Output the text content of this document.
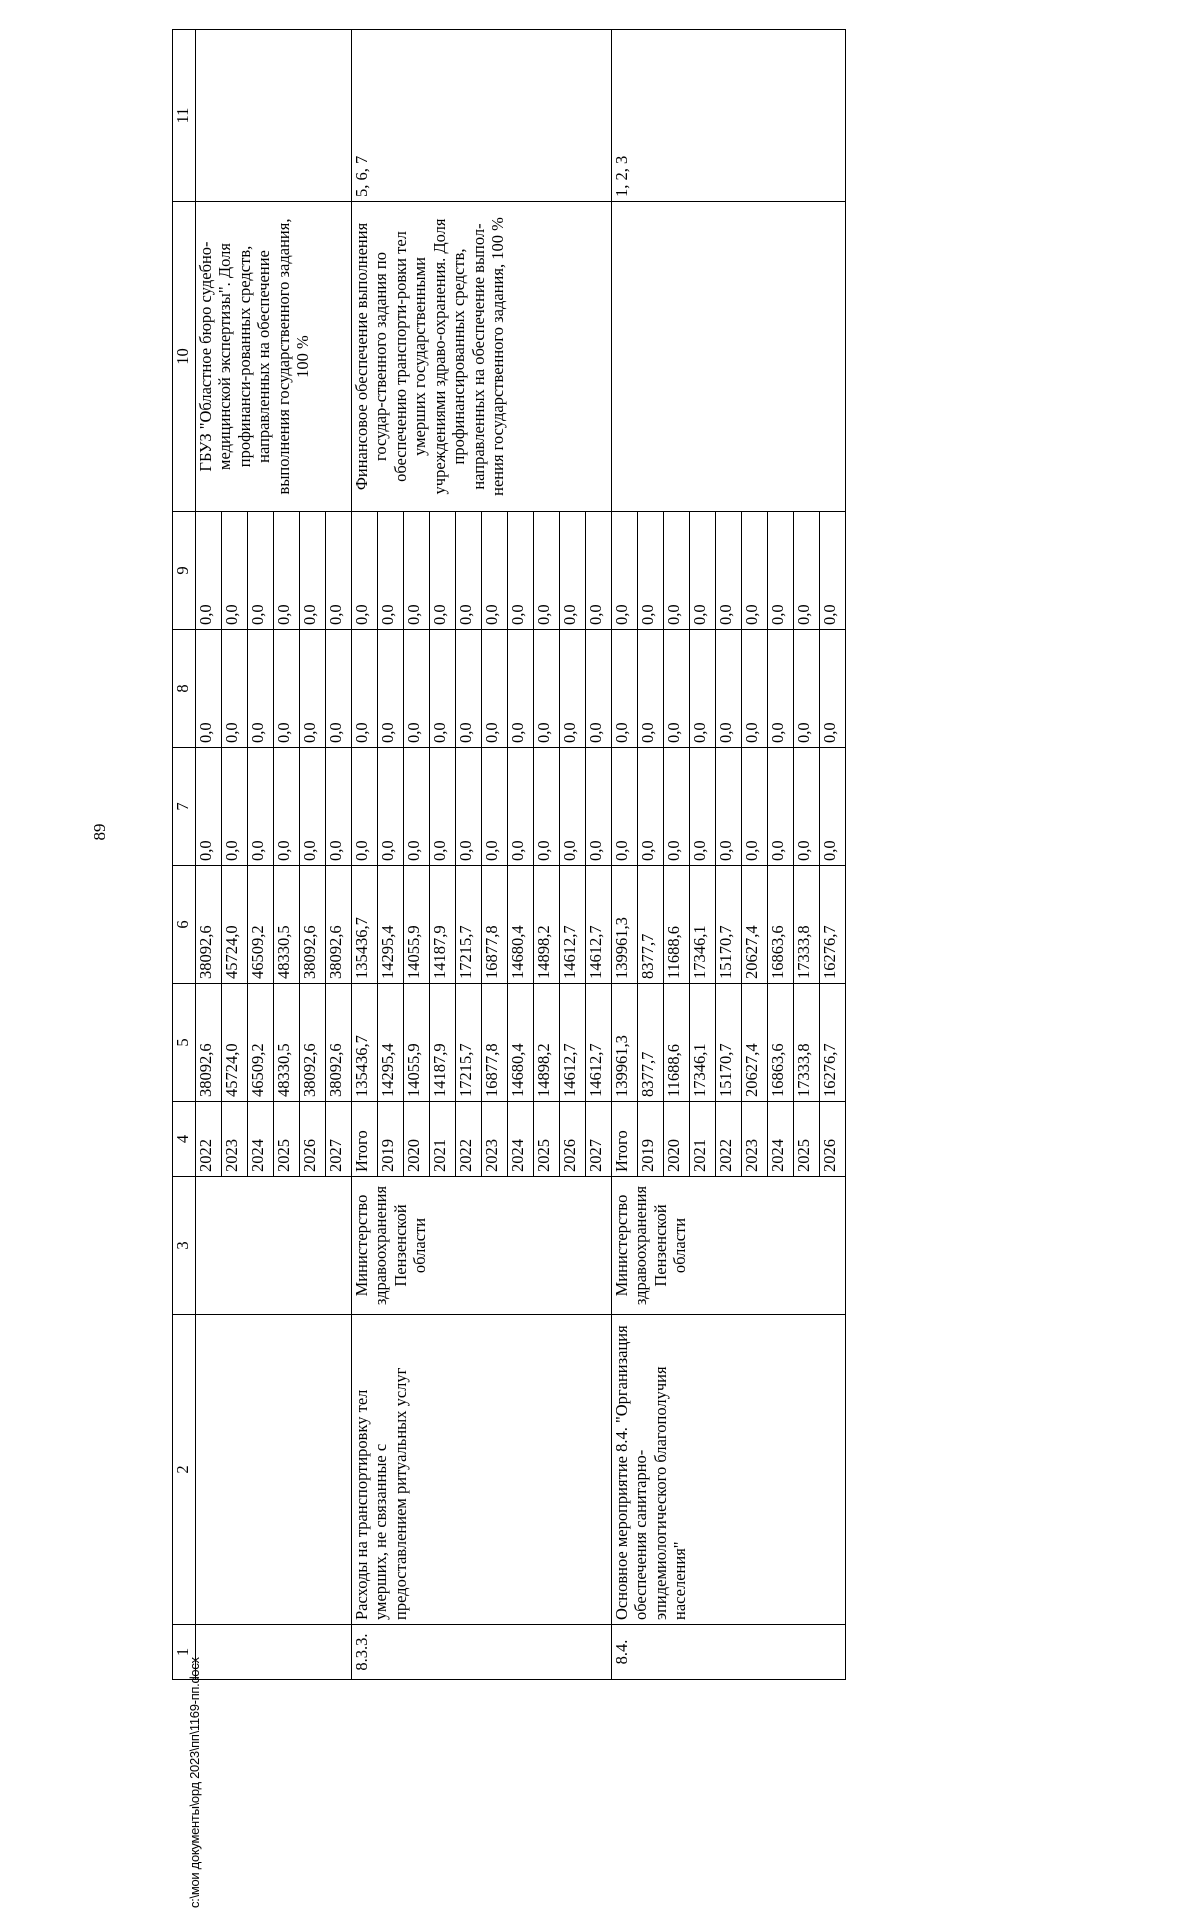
89
1	2	3	4	5	6	7	8	9	10	11
			2022	38092,6	38092,6	0,0	0,0	0,0	ГБУЗ "Областное бюро судебно-медицинской экспертизы". Доля профинанси-рованных средств, направленных на обеспечение выполнения государственного задания, 100 %	
			2023	45724,0	45724,0	0,0	0,0	0,0		
			2024	46509,2	46509,2	0,0	0,0	0,0		
			2025	48330,5	48330,5	0,0	0,0	0,0		
			2026	38092,6	38092,6	0,0	0,0	0,0		
			2027	38092,6	38092,6	0,0	0,0	0,0		
8.3.3.	Расходы на транспортировку тел умерших, не связанные с предоставлением ритуальных услуг	Министерство здравоохранения Пензенской области	Итого	135436,7	135436,7	0,0	0,0	0,0	Финансовое обеспечение выполнения государ-ственного задания по обеспечению транспорти-ровки тел умерших государственными учреждениями здраво-охранения. Доля профинансированных средств, направленных на обеспечение выпол-нения государственного задания, 100 %	5, 6, 7
			2019	14295,4	14295,4	0,0	0,0	0,0		
			2020	14055,9	14055,9	0,0	0,0	0,0		
			2021	14187,9	14187,9	0,0	0,0	0,0		
			2022	17215,7	17215,7	0,0	0,0	0,0		
			2023	16877,8	16877,8	0,0	0,0	0,0		
			2024	14680,4	14680,4	0,0	0,0	0,0		
			2025	14898,2	14898,2	0,0	0,0	0,0		
			2026	14612,7	14612,7	0,0	0,0	0,0		
			2027	14612,7	14612,7	0,0	0,0	0,0		
8.4.	Основное мероприятие 8.4. "Организация обеспечения санитарно-эпидемиологического благополучия населения"	Министерство здравоохранения Пензенской области	Итого	139961,3	139961,3	0,0	0,0	0,0		1, 2, 3
			2019	8377,7	8377,7	0,0	0,0	0,0		
			2020	11688,6	11688,6	0,0	0,0	0,0		
			2021	17346,1	17346,1	0,0	0,0	0,0		
			2022	15170,7	15170,7	0,0	0,0	0,0		
			2023	20627,4	20627,4	0,0	0,0	0,0		
			2024	16863,6	16863,6	0,0	0,0	0,0		
			2025	17333,8	17333,8	0,0	0,0	0,0		
			2026	16276,7	16276,7	0,0	0,0	0,0		
c:\мои документы\орд 2023\пп\1169-пп.docx
